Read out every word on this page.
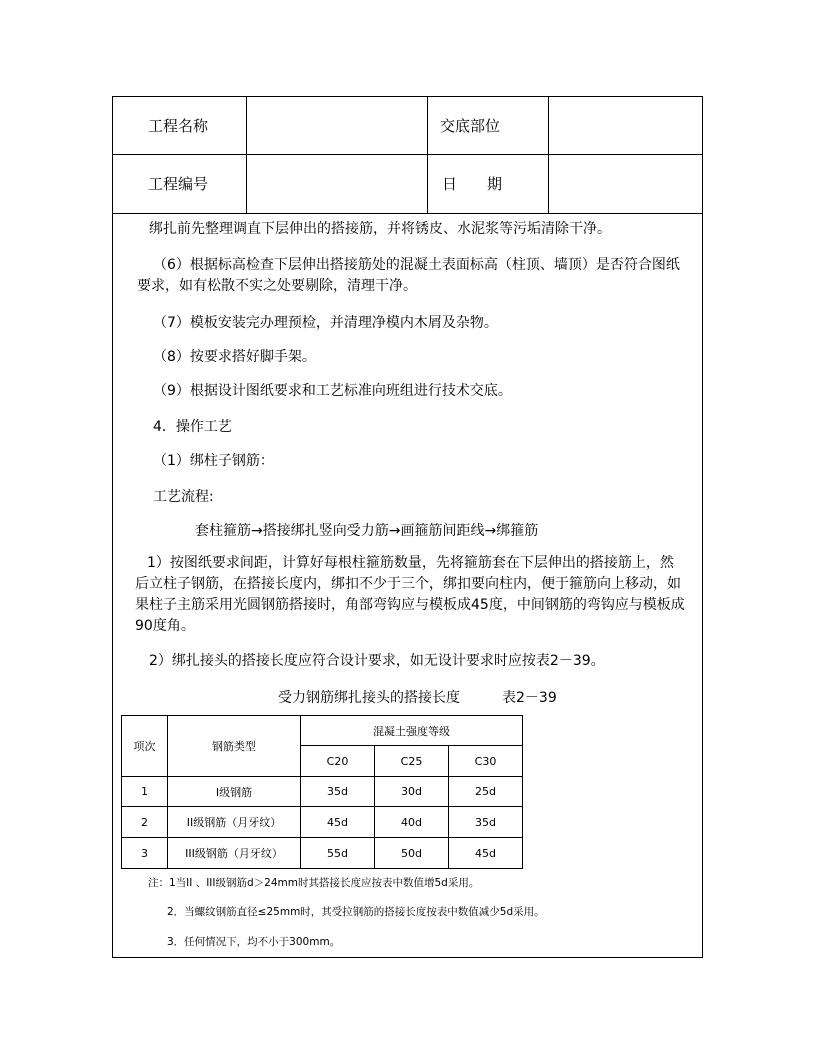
工程名称	交底部位
工程编号	日　　期
绑扎前先整理调直下层伸出的搭接筋，并将锈皮、水泥浆等污垢清除干净。
（6）根据标高检查下层伸出搭接筋处的混凝土表面标高（柱顶、墙顶）是否符合图纸要求，如有松散不实之处要剔除，清理干净。
（7）模板安装完办理预检，并清理净模内木屑及杂物。
（8）按要求搭好脚手架。
（9）根据设计图纸要求和工艺标准向班组进行技术交底。
4．操作工艺
（1）绑柱子钢筋：
工艺流程:
套柱箍筋→搭接绑扎竖向受力筋→画箍筋间距线→绑箍筋
1）按图纸要求间距，计算好每根柱箍筋数量，先将箍筋套在下层伸出的搭接筋上，然后立柱子钢筋，在搭接长度内，绑扣不少于三个，绑扣要向柱内，便于箍筋向上移动，如果柱子主筋采用光圆钢筋搭接时，角部弯钩应与模板成45度，中间钢筋的弯钩应与模板成90度角。
2）绑扎接头的搭接长度应符合设计要求，如无设计要求时应按表2－39。
受力钢筋绑扎接头的搭接长度　　　表2－39
项次	钢筋类型	混凝土强度等级		
		C20	C25	C30
1	I级钢筋	35d	30d	25d
2	II级钢筋（月牙纹）	45d	40d	35d
3	III级钢筋（月牙纹）	55d	50d	45d
注：1当II 、III级钢筋d＞24mm时其搭接长度应按表中数值增5d采用。
2．当螺纹钢筋直径≤25mm时，其受拉钢筋的搭接长度按表中数值减少5d采用。
3．任何情况下，均不小于300mm。
